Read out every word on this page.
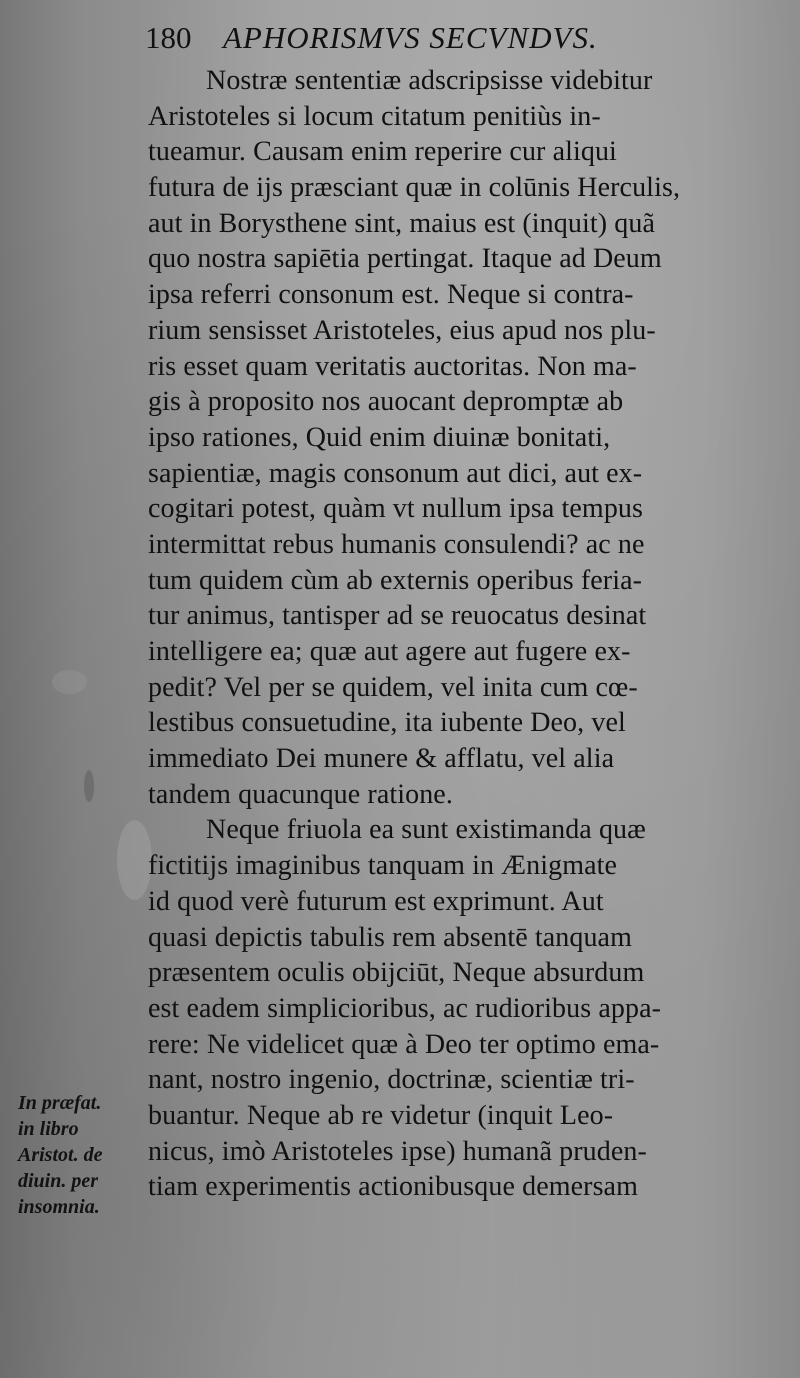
180 APHORISMVS SECVNDVS.
Nostræ sententiæ adscripsisse videbitur
Aristoteles si locum citatum penitiùs in-
tueamur. Causam enim reperire cur aliqui
futura de ijs præsciant quæ in colūnis Herculis,
aut in Borysthene sint, maius est (inquit) quã
quo nostra sapiētia pertingat. Itaque ad Deum
ipsa referri consonum est. Neque si contra-
rium sensisset Aristoteles, eius apud nos plu-
ris esset quam veritatis auctoritas. Non ma-
gis à proposito nos auocant depromptæ ab
ipso rationes, Quid enim diuinæ bonitati,
sapientiæ, magis consonum aut dici, aut ex-
cogitari potest, quàm vt nullum ipsa tempus
intermittat rebus humanis consulendi? ac ne
tum quidem cùm ab externis operibus feria-
tur animus, tantisper ad se reuocatus desinat
intelligere ea; quæ aut agere aut fugere ex-
pedit? Vel per se quidem, vel inita cum cœ-
lestibus consuetudine, ita iubente Deo, vel
immediato Dei munere & afflatu, vel alia
tandem quacunque ratione.
Neque friuola ea sunt existimanda quæ
fictitijs imaginibus tanquam in Ænigmate
id quod verè futurum est exprimunt. Aut
quasi depictis tabulis rem absentē tanquam
præsentem oculis obijciūt, Neque absurdum
est eadem simplicioribus, ac rudioribus appa-
rere: Ne videlicet quæ à Deo ter optimo ema-
nant, nostro ingenio, doctrinæ, scientiæ tri-
buantur. Neque ab re videtur (inquit Leo-
nicus, imò Aristoteles ipse) humanã pruden-
tiam experimentis actionibusque demersam
In præfat.
in libro
Aristot. de
diuin. per
insomnia.
